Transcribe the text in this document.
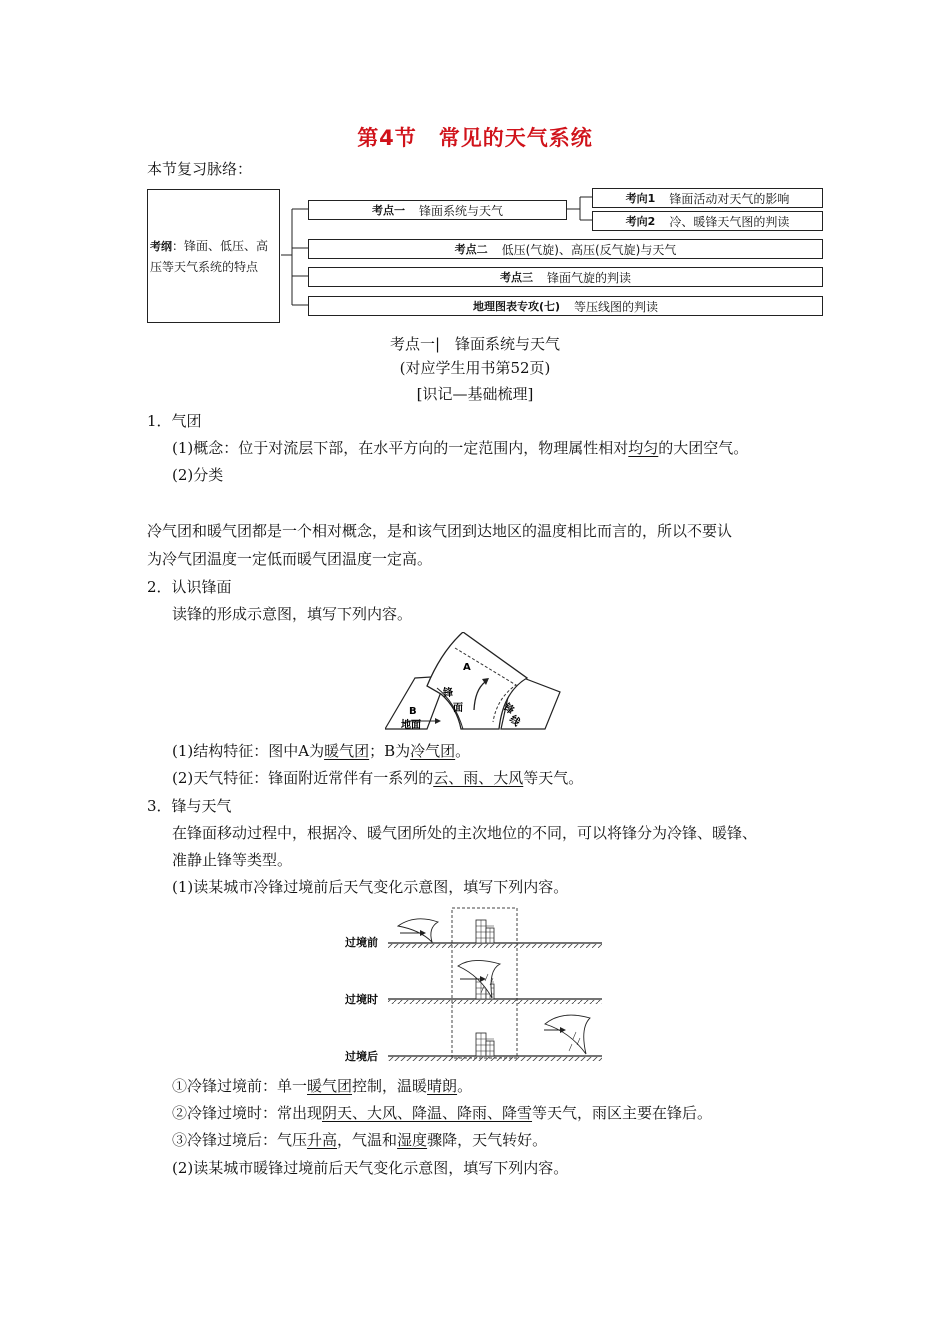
第4节　常见的天气系统
本节复习脉络：
考纲：锋面、低压、高
压等天气系统的特点
考点一 锋面系统与天气
考向1 锋面活动对天气的影响
考向2 冷、暖锋天气图的判读
考点二 低压(气旋)、高压(反气旋)与天气
考点三 锋面气旋的判读
地理图表专攻(七) 等压线图的判读
考点一|　锋面系统与天气
(对应学生用书第52页)
[识记—基础梳理]
1．气团
(1)概念：位于对流层下部，在水平方向的一定范围内，物理属性相对均匀的大团空气。
(2)分类
冷气团和暖气团都是一个相对概念，是和该气团到达地区的温度相比而言的，所以不要认
为冷气团温度一定低而暖气团温度一定高。
2．认识锋面
读锋的形成示意图，填写下列内容。
A
锋
面
地面
B	锋
线
(1)结构特征：图中A为暖气团；B为冷气团。
(2)天气特征：锋面附近常伴有一系列的云、雨、大风等天气。
3．锋与天气
在锋面移动过程中，根据冷、暖气团所处的主次地位的不同，可以将锋分为冷锋、暖锋、
准静止锋等类型。
(1)读某城市冷锋过境前后天气变化示意图，填写下列内容。
过境前
过境时
过境后
①冷锋过境前：单一暖气团控制，温暖晴朗。
②冷锋过境时：常出现阴天、大风、降温、降雨、降雪等天气，雨区主要在锋后。
③冷锋过境后：气压升高，气温和湿度骤降，天气转好。
(2)读某城市暖锋过境前后天气变化示意图，填写下列内容。
